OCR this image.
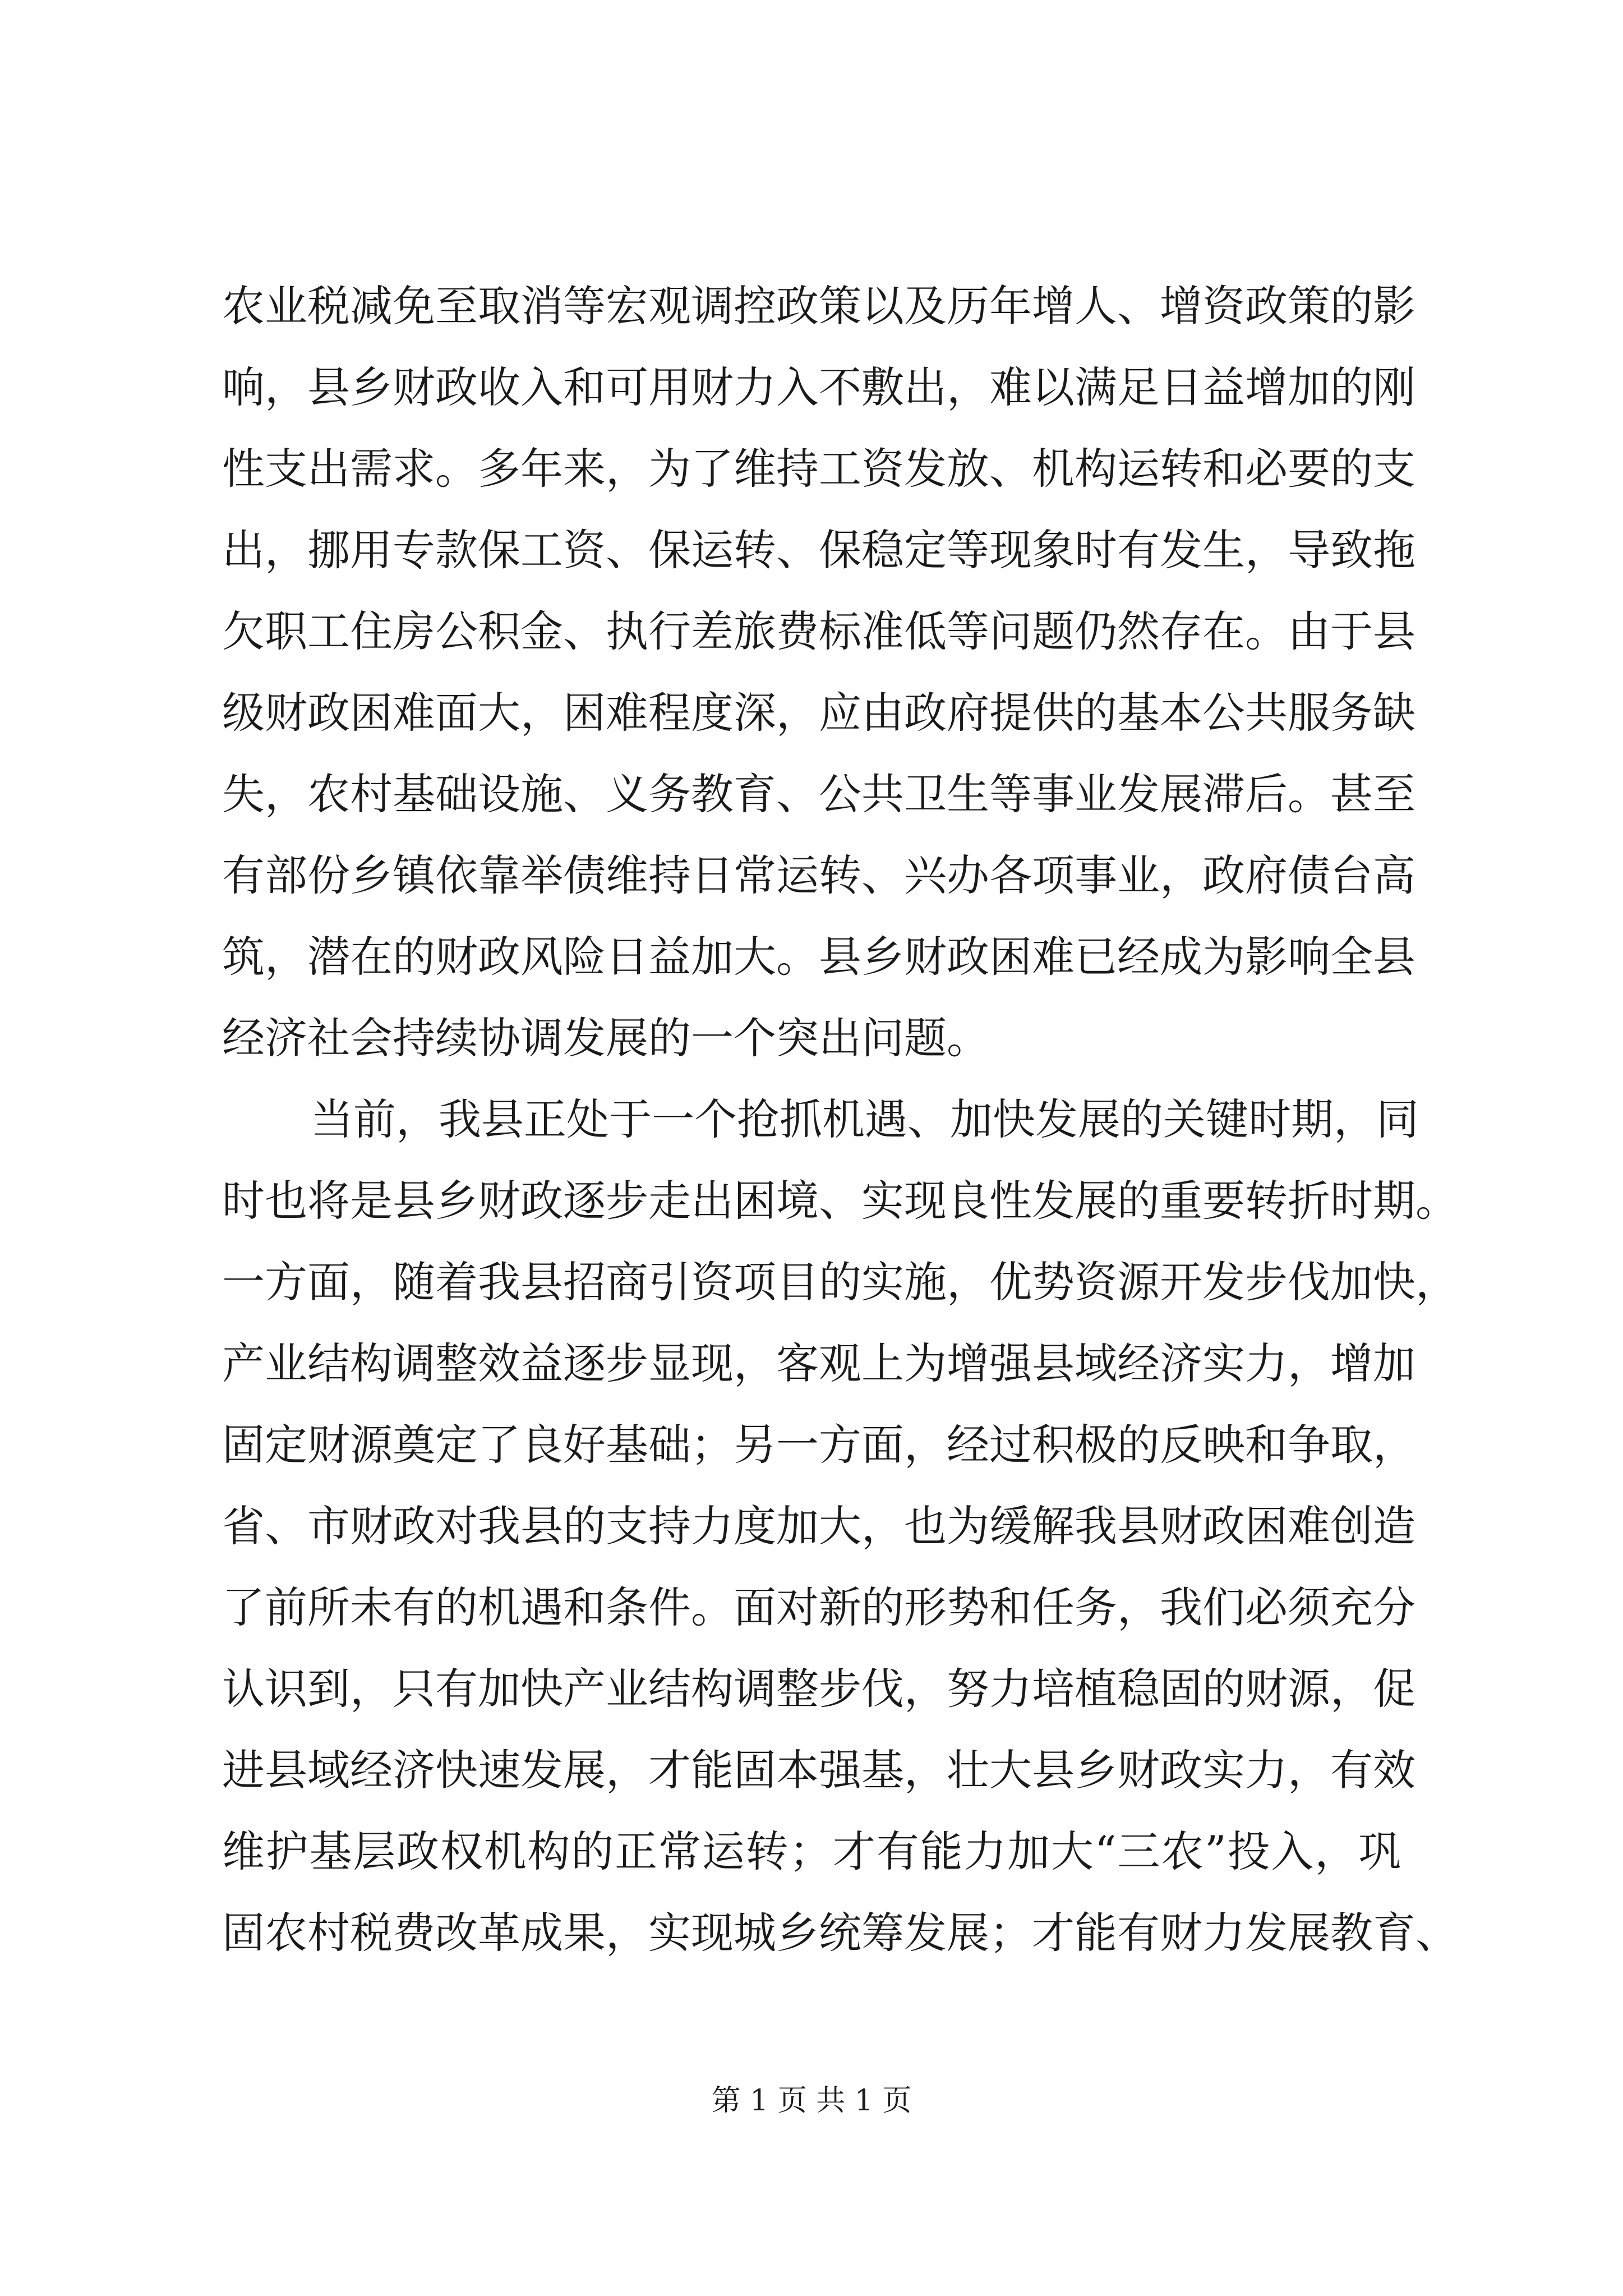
农业税减免至取消等宏观调控政策以及历年增人、增资政策的影
响，县乡财政收入和可用财力入不敷出，难以满足日益增加的刚
性支出需求。多年来，为了维持工资发放、机构运转和必要的支
出，挪用专款保工资、保运转、保稳定等现象时有发生，导致拖
欠职工住房公积金、执行差旅费标准低等问题仍然存在。由于县
级财政困难面大，困难程度深，应由政府提供的基本公共服务缺
失，农村基础设施、义务教育、公共卫生等事业发展滞后。甚至
有部份乡镇依靠举债维持日常运转、兴办各项事业，政府债台高
筑，潜在的财政风险日益加大。县乡财政困难已经成为影响全县
经济社会持续协调发展的一个突出问题。
当前，我县正处于一个抢抓机遇、加快发展的关键时期，同
时也将是县乡财政逐步走出困境、实现良性发展的重要转折时期。
一方面，随着我县招商引资项目的实施，优势资源开发步伐加快，
产业结构调整效益逐步显现，客观上为增强县域经济实力，增加
固定财源奠定了良好基础；另一方面，经过积极的反映和争取，
省、市财政对我县的支持力度加大，也为缓解我县财政困难创造
了前所未有的机遇和条件。面对新的形势和任务，我们必须充分
认识到，只有加快产业结构调整步伐，努力培植稳固的财源，促
进县域经济快速发展，才能固本强基，壮大县乡财政实力，有效
维护基层政权机构的正常运转；才有能力加大“三农”投入，巩
固农村税费改革成果，实现城乡统筹发展；才能有财力发展教育、
第 1 页 共 1 页
